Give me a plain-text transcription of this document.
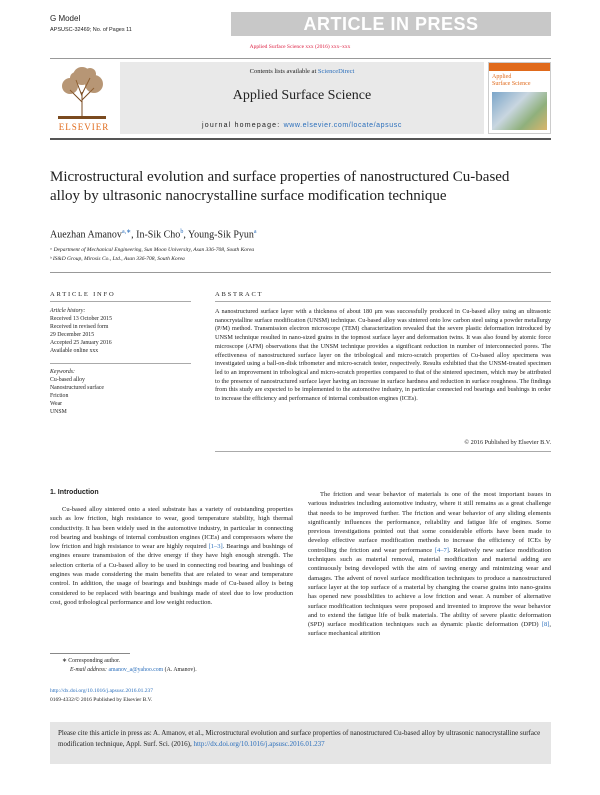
G Model
APSUSC-32469; No. of Pages 11	ARTICLE IN PRESS
Applied Surface Science xxx (2016) xxx–xxx
ELSEVIER
Contents lists available at ScienceDirect
Applied Surface Science
journal homepage: www.elsevier.com/locate/apsusc
Applied
Surface Science
Microstructural evolution and surface properties of nanostructured Cu-based alloy by ultrasonic nanocrystalline surface modification technique
Auezhan Amanov$^{a,∗}$, In-Sik Cho$^b$, Young-Sik Pyun$^a$
ᵃ Department of Mechanical Engineering, Sun Moon University, Asan 336-708, South Korea
ᵇ IS&D Group, Mirosis Co., Ltd., Asan 336-708, South Korea
ARTICLE INFO
Article history:
Received 13 October 2015
Received in revised form
29 December 2015
Accepted 25 January 2016
Available online xxx
Keywords:
Cu-based alloy
Nanostructured surface
Friction
Wear
UNSM
ABSTRACT
A nanostructured surface layer with a thickness of about 180 μm was successfully produced in Cu-based alloy using an ultrasonic nanocrystalline surface modification (UNSM) technique. Cu-based alloy was sintered onto low carbon steel using a powder metallurgy (P/M) method. Transmission electron microscope (TEM) characterization revealed that the severe plastic deformation introduced by UNSM technique resulted in nano-sized grains in the topmost surface layer and deformation twins. It was also found by atomic force microscope (AFM) observations that the UNSM technique provides a significant reduction in number of interconnected pores. The effectiveness of nanostructured surface layer on the tribological and micro-scratch properties of Cu-based alloy specimens was investigated using a ball-on-disk tribometer and micro-scratch tester, respectively. Results exhibited that the UNSM-treated specimen led to an improvement in tribological and micro-scratch properties compared to that of the sintered specimen, which may be attributed to the presence of nanostructured surface layer having an increase in surface hardness and reduction in surface roughness. The findings from this study are expected to be implemented to the automotive industry, in particular connected rod bearings and bushings in order to increase the efficiency and performance of internal combustion engines (ICEs).
© 2016 Published by Elsevier B.V.
1. Introduction

Cu-based alloy sintered onto a steel substrate has a variety of outstanding properties such as low friction, high resistance to wear, good temperature stability, high thermal conductivity. It has been widely used in the automotive industry, in particular in connecting rod bearing and bushings of internal combustion engines (ICEs) and compressors where the low friction and high resistance to wear are highly required [1–3]. Bearings and bushings of engines ensure transmission of the drive energy if they have high enough strength. The selection criteria of a Cu-based alloy to be used in connecting rod bearing and bushings of engines was made considering the main benefits that are related to wear and temperature control. In addition, the usage of bearings and bushings made of Cu-based alloy is being considered to be replaced with bearings and bushings made of steel due to low production cost, good tribological performance and low weight reduction.

The friction and wear behavior of materials is one of the most important issues in various industries including automotive industry, where it still remains as a great challenge that needs to be improved further. The friction and wear behavior of any sliding elements significantly influences the performance, reliability and fatigue life of engines. Some previous investigations pointed out that some considerable efforts have been made to develop effective surface modification methods to increase the efficiency of ICEs by controlling the friction and wear performance [4–7]. Relatively new surface modification techniques such as material removal, material modification and material adding are continuously being developed with the aim of saving energy and minimizing wear and damages. The advent of novel surface modification techniques to produce a nanostructured surface layer at the top surface of a material by changing the coarse grains into nano-grains has opened new possibilities to achieve a low friction and wear. A number of alternative surface modification techniques were proposed and invented to improve the wear behavior and to extend the fatigue life of bulk materials. The ability of severe plastic deformation (SPD) surface modification techniques such as dynamic plastic deformation (DPD) [8], surface mechanical attrition

∗ Corresponding author.
E-mail address: amanov_a@yahoo.com (A. Amanov).
http://dx.doi.org/10.1016/j.apsusc.2016.01.237
0169-4332/© 2016 Published by Elsevier B.V.
Please cite this article in press as: A. Amanov, et al., Microstructural evolution and surface properties of nanostructured Cu-based alloy by ultrasonic nanocrystalline surface modification technique, Appl. Surf. Sci. (2016), http://dx.doi.org/10.1016/j.apsusc.2016.01.237
